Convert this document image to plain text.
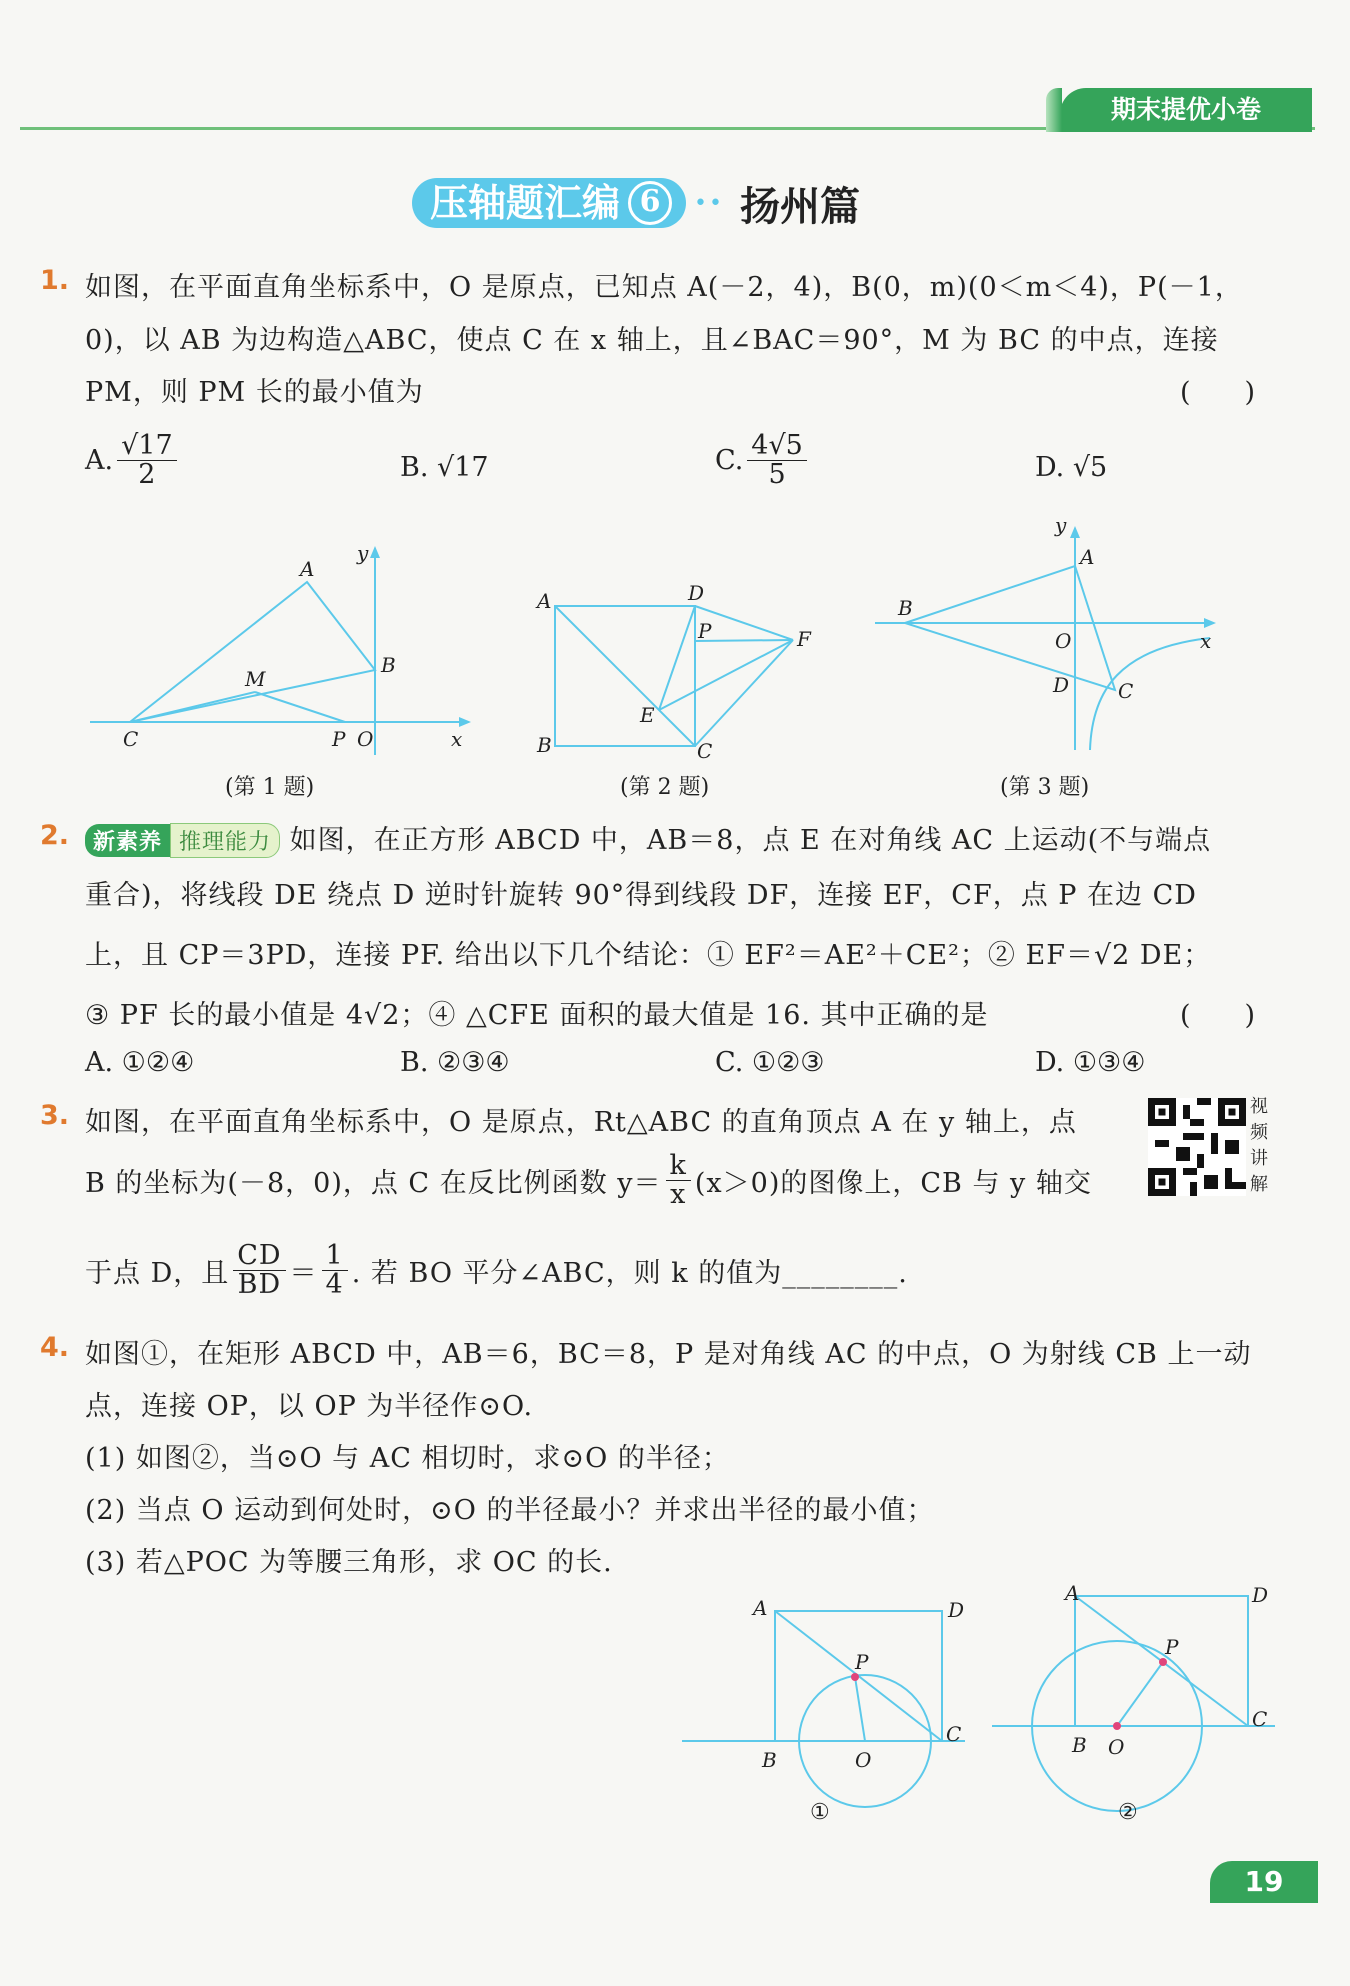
期末提优小卷
压轴题汇编 6	•• 扬州篇
1. 如图，在平面直角坐标系中，O 是原点，已知点 A(－2，4)，B(0，m)(0＜m＜4)，P(－1，
0)，以 AB 为边构造△ABC，使点 C 在 x 轴上，且∠BAC＝90°，M 为 BC 的中点，连接
PM，则 PM 长的最小值为	(　　)
A. $\frac{√17}{2}$	B. √17	C. $\frac{4√5}{5}$	D. √5
A
B
M
C	P O	x
y
(第 1 题)
A	D
P	F
E
B	C
(第 2 题)
y
A
B
O	x
D C
(第 3 题)
2.	新素养 推理能力 如图，在正方形 ABCD 中，AB＝8，点 E 在对角线 AC 上运动(不与端点
重合)，将线段 DE 绕点 D 逆时针旋转 90°得到线段 DF，连接 EF，CF，点 P 在边 CD
上，且 CP＝3PD，连接 PF. 给出以下几个结论：① EF²＝AE²＋CE²；② EF＝√2 DE；
③ PF 长的最小值是 4√2；④ △CFE 面积的最大值是 16. 其中正确的是	(　　)
A. ①②④	B. ②③④	C. ①②③	D. ①③④
3. 如图，在平面直角坐标系中，O 是原点，Rt△ABC 的直角顶点 A 在 y 轴上，点
B 的坐标为(－8，0)，点 C 在反比例函数 $y= \frac{k}{x} (x>0)$的图像上，CB 与 y 轴交
于点 D，且 $\frac{CD}{BD} = \frac{1}{4}$ . 若 BO 平分∠ABC，则 k 的值为________.
视频讲解
4. 如图①，在矩形 ABCD 中，AB＝6，BC＝8，P 是对角线 AC 的中点，O 为射线 CB 上一动
点，连接 OP，以 OP 为半径作⊙O.
(1) 如图②，当⊙O 与 AC 相切时，求⊙O 的半径；
(2) 当点 O 运动到何处时，⊙O 的半径最小？并求出半径的最小值；
(3) 若△POC 为等腰三角形，求 OC 的长.
A	D
P
B	O
C
①
A	D
P
B O
C
②
19
